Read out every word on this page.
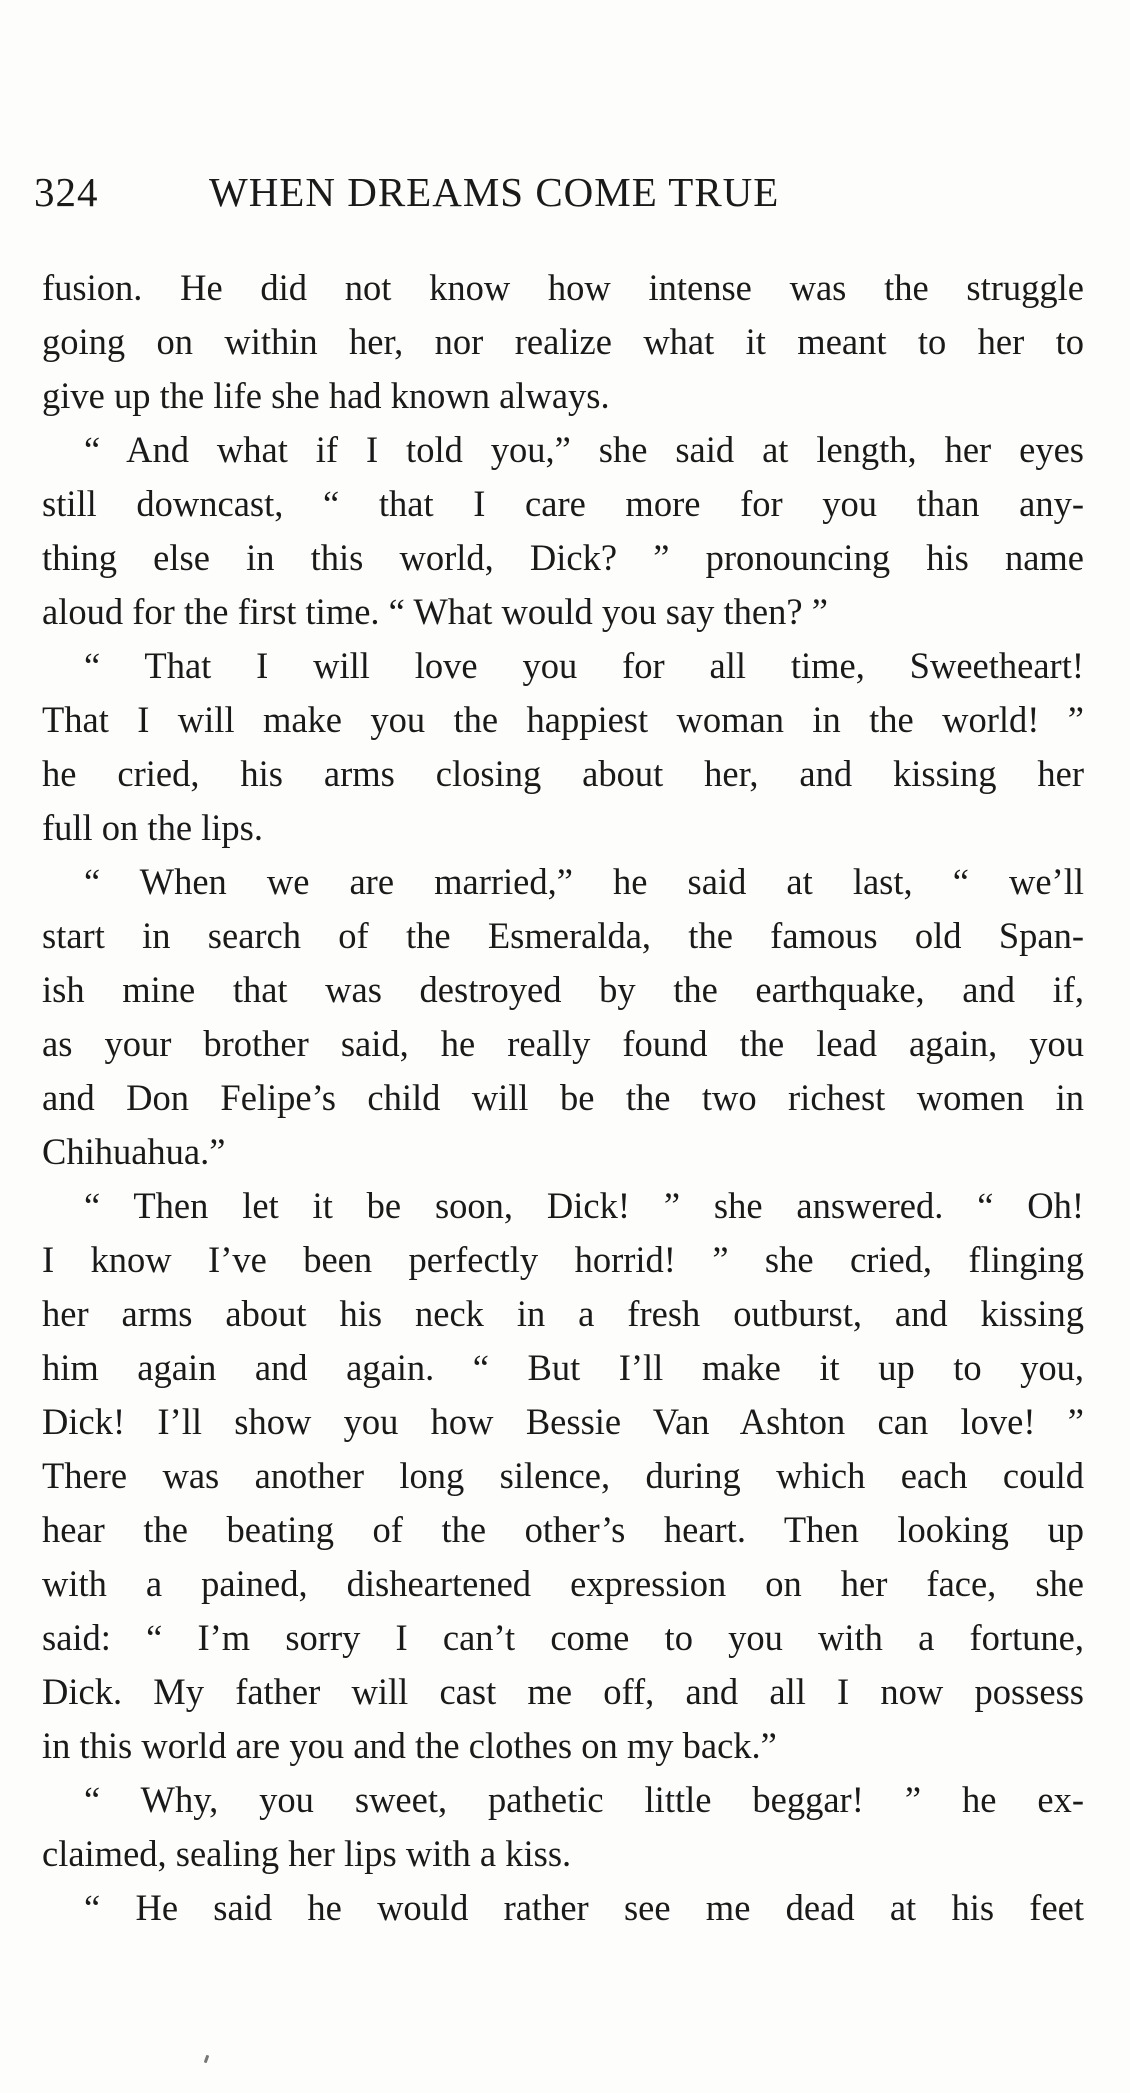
324	WHEN DREAMS COME TRUE
fusion. He did not know how intense was the struggle
going on within her, nor realize what it meant to her to
give up the life she had known always.
“ And what if I told you,” she said at length, her eyes
still downcast, “ that I care more for you than any-
thing else in this world, Dick? ” pronouncing his name
aloud for the first time. “ What would you say then? ”
“ That I will love you for all time, Sweetheart!
That I will make you the happiest woman in the world! ”
he cried, his arms closing about her, and kissing her
full on the lips.
“ When we are married,” he said at last, “ we’ll
start in search of the Esmeralda, the famous old Span-
ish mine that was destroyed by the earthquake, and if,
as your brother said, he really found the lead again, you
and Don Felipe’s child will be the two richest women in
Chihuahua.”
“ Then let it be soon, Dick! ” she answered. “ Oh!
I know I’ve been perfectly horrid! ” she cried, flinging
her arms about his neck in a fresh outburst, and kissing
him again and again. “ But I’ll make it up to you,
Dick! I’ll show you how Bessie Van Ashton can love! ”
There was another long silence, during which each could
hear the beating of the other’s heart. Then looking up
with a pained, disheartened expression on her face, she
said: “ I’m sorry I can’t come to you with a fortune,
Dick. My father will cast me off, and all I now possess
in this world are you and the clothes on my back.”
“ Why, you sweet, pathetic little beggar! ” he ex-
claimed, sealing her lips with a kiss.
“ He said he would rather see me dead at his feet
